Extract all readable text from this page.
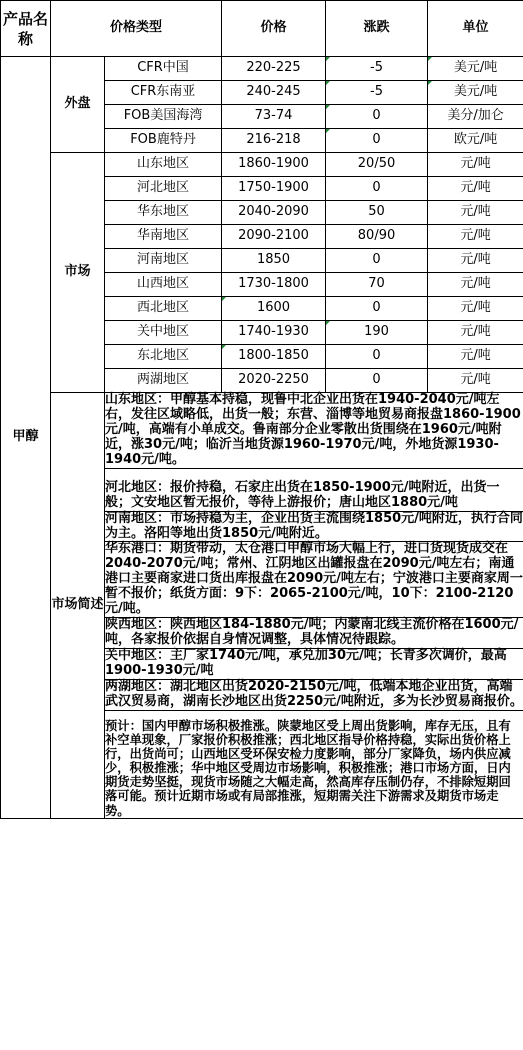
产品名称	价格类型		价格	涨跌	单位
甲醇	外盘	CFR中国	220-225	-5	美元/吨
		CFR东南亚	240-245	-5	美元/吨
		FOB美国海湾	73-74	0	美分/加仑
		FOB鹿特丹	216-218	0	欧元/吨
	市场	山东地区	1860-1900	20/50	元/吨
		河北地区	1750-1900	0	元/吨
		华东地区	2040-2090	50	元/吨
		华南地区	2090-2100	80/90	元/吨
		河南地区	1850	0	元/吨
		山西地区	1730-1800	70	元/吨
		西北地区	1600	0	元/吨
		关中地区	1740-1930	190	元/吨
		东北地区	1800-1850	0	元/吨
		两湖地区	2020-2250	0	元/吨
	市场简述	山东地区：甲醇基本持稳，现鲁中北企业出货在1940-2040元/吨左右，发往区域略低，出货一般；东营、淄博等地贸易商报盘1860-1900元/吨，高端有小单成交。鲁南部分企业零散出货围绕在1960元/吨附近，涨30元/吨；临沂当地货源1960-1970元/吨，外地货源1930-1940元/吨。			
		河北地区：报价持稳，石家庄出货在1850-1900元/吨附近，出货一般；文安地区暂无报价，等待上游报价；唐山地区1880元/吨			
		河南地区：市场持稳为主，企业出货主流围绕1850元/吨附近，执行合同为主。洛阳等地出货1850元/吨附近。			
		华东港口：期货带动，太仓港口甲醇市场大幅上行，进口货现货成交在2040-2070元/吨；常州、江阴地区出罐报盘在2090元/吨左右；南通港口主要商家进口货出库报盘在2090元/吨左右；宁波港口主要商家周一暂不报价；纸货方面：9下：2065-2100元/吨，10下：2100-2120元/吨。			
		陕西地区：陕西地区184-1880元/吨；内蒙南北线主流价格在1600元/吨，各家报价依据自身情况调整，具体情况待跟踪。			
		关中地区：主厂家1740元/吨，承兑加30元/吨；长青多次调价，最高1900-1930元/吨			
		两湖地区：湖北地区出货2020-2150元/吨，低端本地企业出货，高端武汉贸易商，湖南长沙地区出货2250元/吨附近，多为长沙贸易商报价。			
		预计：国内甲醇市场积极推涨。陕蒙地区受上周出货影响，库存无压，且有补空单现象，厂家报价积极推涨；西北地区指导价格持稳，实际出货价格上行，出货尚可；山西地区受环保安检力度影响，部分厂家降负，场内供应减少，积极推涨；华中地区受周边市场影响，积极推涨；港口市场方面，日内期货走势坚挺，现货市场随之大幅走高，然高库存压制仍存，不排除短期回落可能。预计近期市场或有局部推涨，短期需关注下游需求及期货市场走势。			
